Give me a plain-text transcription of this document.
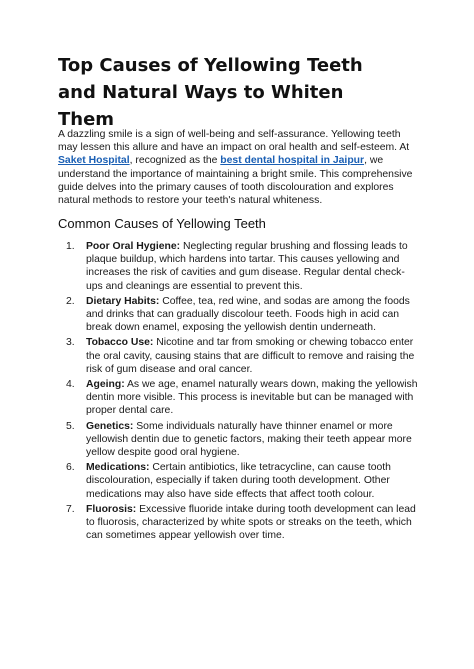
Top Causes of Yellowing Teeth and Natural Ways to Whiten Them

A dazzling smile is a sign of well-being and self-assurance. Yellowing teeth may lessen this allure and have an impact on oral health and self-esteem. At Saket Hospital, recognized as the best dental hospital in Jaipur, we understand the importance of maintaining a bright smile. This comprehensive guide delves into the primary causes of tooth discolouration and explores natural methods to restore your teeth's natural whiteness.

Common Causes of Yellowing Teeth
1. Poor Oral Hygiene: Neglecting regular brushing and flossing leads to plaque buildup, which hardens into tartar. This causes yellowing and increases the risk of cavities and gum disease. Regular dental check-ups and cleanings are essential to prevent this.
2. Dietary Habits: Coffee, tea, red wine, and sodas are among the foods and drinks that can gradually discolour teeth. Foods high in acid can break down enamel, exposing the yellowish dentin underneath.
3. Tobacco Use: Nicotine and tar from smoking or chewing tobacco enter the oral cavity, causing stains that are difficult to remove and raising the risk of gum disease and oral cancer.
4. Ageing: As we age, enamel naturally wears down, making the yellowish dentin more visible. This process is inevitable but can be managed with proper dental care.
5. Genetics: Some individuals naturally have thinner enamel or more yellowish dentin due to genetic factors, making their teeth appear more yellow despite good oral hygiene.
6. Medications: Certain antibiotics, like tetracycline, can cause tooth discolouration, especially if taken during tooth development. Other medications may also have side effects that affect tooth colour.
7. Fluorosis: Excessive fluoride intake during tooth development can lead to fluorosis, characterized by white spots or streaks on the teeth, which can sometimes appear yellowish over time.
